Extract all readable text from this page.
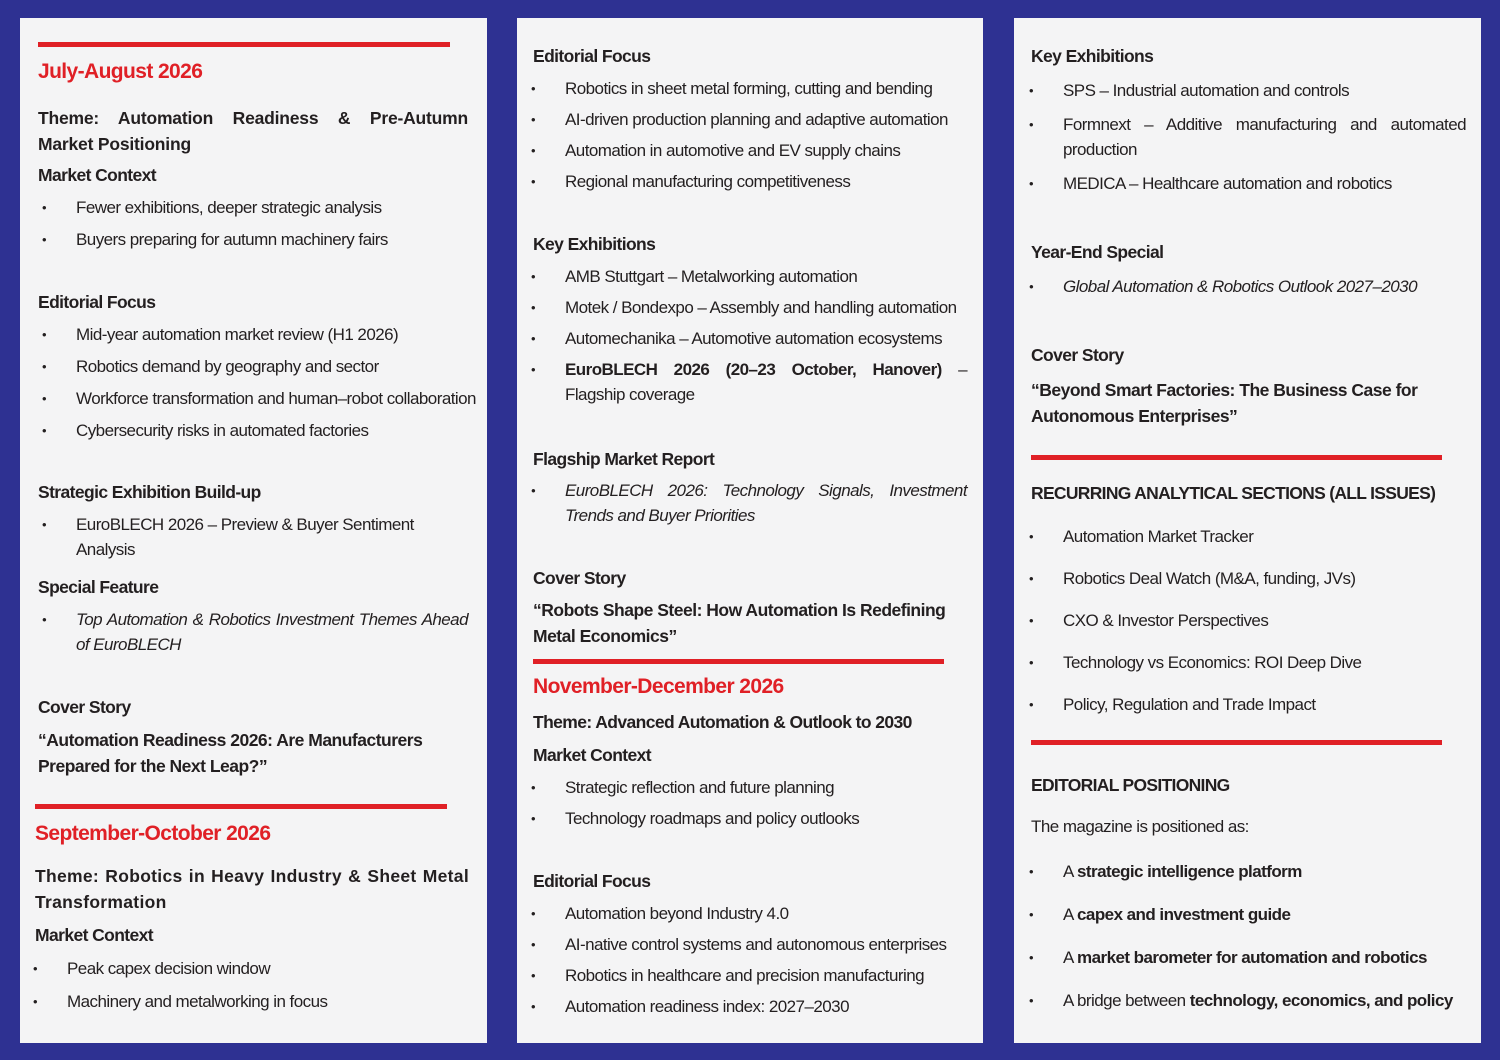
July-August 2026
Theme: Automation Readiness & Pre-Autumn Market Positioning
Market Context
• Fewer exhibitions, deeper strategic analysis
• Buyers preparing for autumn machinery fairs
Editorial Focus
• Mid-year automation market review (H1 2026)
• Robotics demand by geography and sector
• Workforce transformation and human–robot collaboration
• Cybersecurity risks in automated factories
Strategic Exhibition Build-up
• EuroBLECH 2026 – Preview & Buyer Sentiment Analysis
Special Feature
• Top Automation & Robotics Investment Themes Ahead of EuroBLECH
Cover Story
“Automation Readiness 2026: Are Manufacturers Prepared for the Next Leap?”
September-October 2026
Theme: Robotics in Heavy Industry & Sheet Metal Transformation
Market Context
• Peak capex decision window
• Machinery and metalworking in focus
Editorial Focus
• Robotics in sheet metal forming, cutting and bending
• AI-driven production planning and adaptive automation
• Automation in automotive and EV supply chains
• Regional manufacturing competitiveness
Key Exhibitions
• AMB Stuttgart – Metalworking automation
• Motek / Bondexpo – Assembly and handling automation
• Automechanika – Automotive automation ecosystems
• EuroBLECH 2026 (20–23 October, Hanover) – Flagship coverage
Flagship Market Report
• EuroBLECH 2026: Technology Signals, Investment Trends and Buyer Priorities
Cover Story
“Robots Shape Steel: How Automation Is Redefining Metal Economics”
November-December 2026
Theme: Advanced Automation & Outlook to 2030
Market Context
• Strategic reflection and future planning
• Technology roadmaps and policy outlooks
Editorial Focus
• Automation beyond Industry 4.0
• AI-native control systems and autonomous enterprises
• Robotics in healthcare and precision manufacturing
• Automation readiness index: 2027–2030
Key Exhibitions
• SPS – Industrial automation and controls
• Formnext – Additive manufacturing and automated production
• MEDICA – Healthcare automation and robotics
Year-End Special
• Global Automation & Robotics Outlook 2027–2030
Cover Story
“Beyond Smart Factories: The Business Case for Autonomous Enterprises”
RECURRING ANALYTICAL SECTIONS (ALL ISSUES)
• Automation Market Tracker
• Robotics Deal Watch (M&A, funding, JVs)
• CXO & Investor Perspectives
• Technology vs Economics: ROI Deep Dive
• Policy, Regulation and Trade Impact
EDITORIAL POSITIONING
The magazine is positioned as:
• A strategic intelligence platform
• A capex and investment guide
• A market barometer for automation and robotics
• A bridge between technology, economics, and policy
